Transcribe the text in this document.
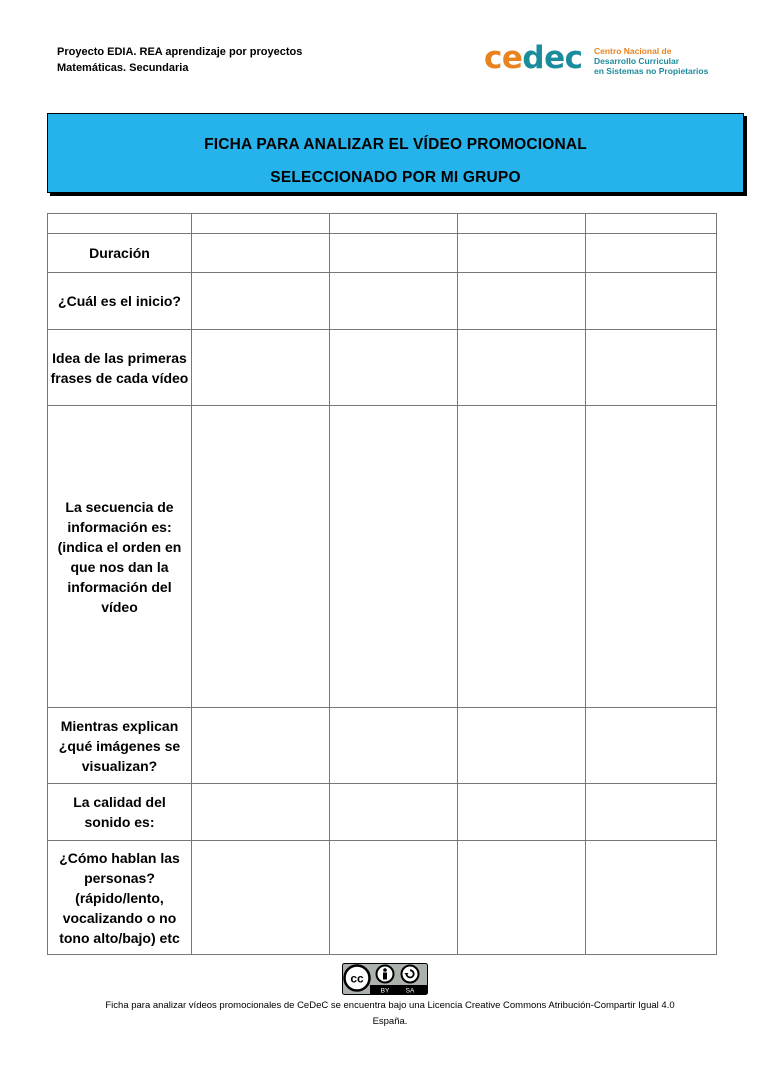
Proyecto EDIA. REA aprendizaje por proyectos
Matemáticas. Secundaria	cedec Centro Nacional de
Desarrollo Curricular
en Sistemas no Propietarios
FICHA PARA ANALIZAR EL VÍDEO PROMOCIONAL
SELECCIONADO POR MI GRUPO

Duración				
¿Cuál es el inicio?				
Idea de las primeras frases de cada vídeo				
La secuencia de información es: (indica el orden en que nos dan la información del vídeo				
Mientras explican ¿qué imágenes se visualizan?				
La calidad del sonido es:				
¿Cómo hablan las personas? (rápido/lento, vocalizando o no tono alto/bajo) etc				
cc
BY	SA
Ficha para analizar vídeos promocionales de CeDeC se encuentra bajo una Licencia Creative Commons Atribución-Compartir Igual 4.0
España.
